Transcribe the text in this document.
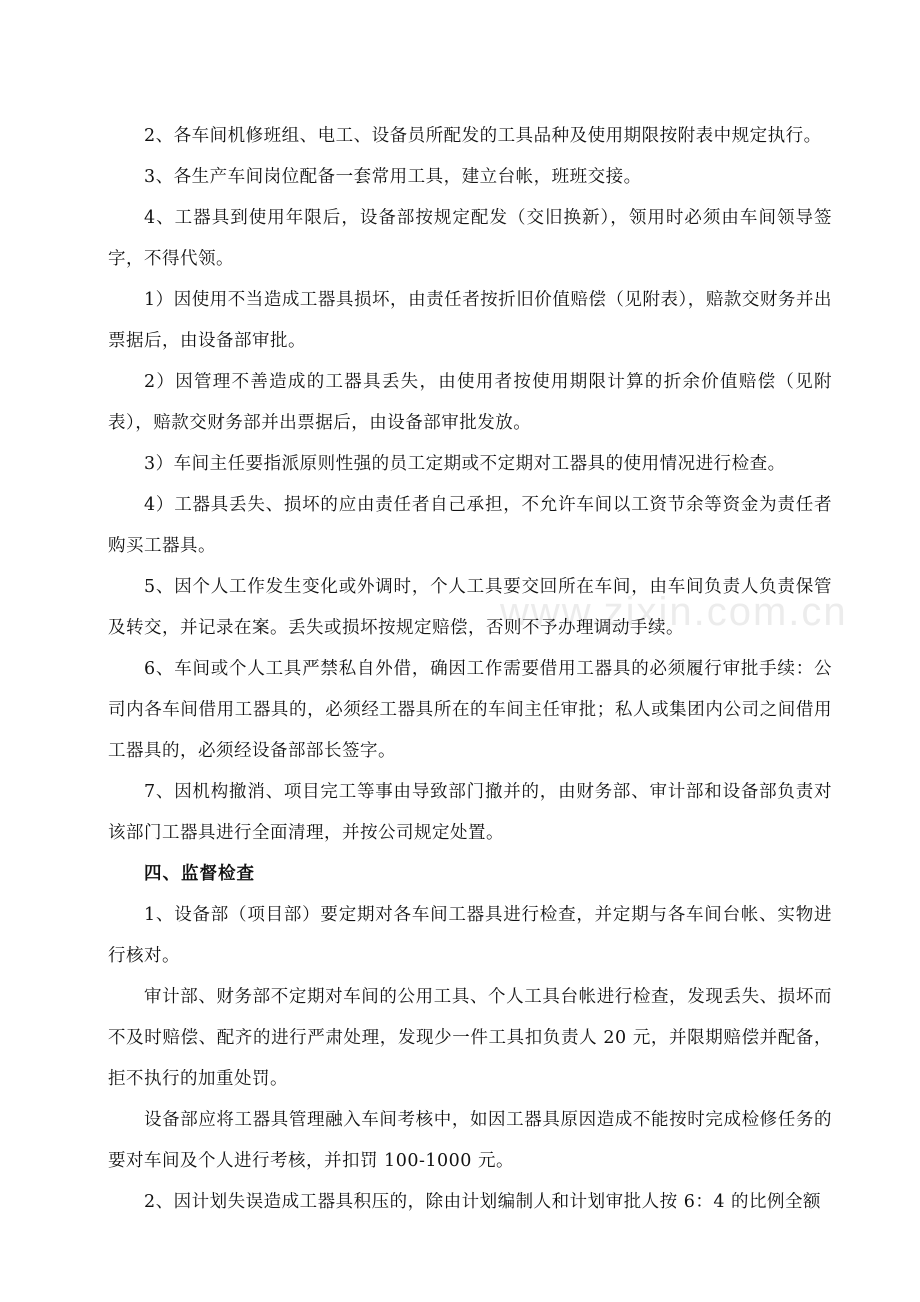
www.zixin.com.cn

2、各车间机修班组、电工、设备员所配发的工具品种及使用期限按附表中规定执行。

3、各生产车间岗位配备一套常用工具，建立台帐，班班交接。

4、工器具到使用年限后，设备部按规定配发（交旧换新），领用时必须由车间领导签字，不得代领。

1）因使用不当造成工器具损坏，由责任者按折旧价值赔偿（见附表），赔款交财务并出票据后，由设备部审批。

2）因管理不善造成的工器具丢失，由使用者按使用期限计算的折余价值赔偿（见附表），赔款交财务部并出票据后，由设备部审批发放。

3）车间主任要指派原则性强的员工定期或不定期对工器具的使用情况进行检查。

4）工器具丢失、损坏的应由责任者自己承担，不允许车间以工资节余等资金为责任者购买工器具。

5、因个人工作发生变化或外调时，个人工具要交回所在车间，由车间负责人负责保管及转交，并记录在案。丢失或损坏按规定赔偿，否则不予办理调动手续。

6、车间或个人工具严禁私自外借，确因工作需要借用工器具的必须履行审批手续：公司内各车间借用工器具的，必须经工器具所在的车间主任审批；私人或集团内公司之间借用工器具的，必须经设备部部长签字。

7、因机构撤消、项目完工等事由导致部门撤并的，由财务部、审计部和设备部负责对该部门工器具进行全面清理，并按公司规定处置。

四、监督检查

1、设备部（项目部）要定期对各车间工器具进行检查，并定期与各车间台帐、实物进行核对。

审计部、财务部不定期对车间的公用工具、个人工具台帐进行检查，发现丢失、损坏而不及时赔偿、配齐的进行严肃处理，发现少一件工具扣负责人 20 元，并限期赔偿并配备，拒不执行的加重处罚。

设备部应将工器具管理融入车间考核中，如因工器具原因造成不能按时完成检修任务的要对车间及个人进行考核，并扣罚 100-1000 元。

2、因计划失误造成工器具积压的，除由计划编制人和计划审批人按 6：4 的比例全额
